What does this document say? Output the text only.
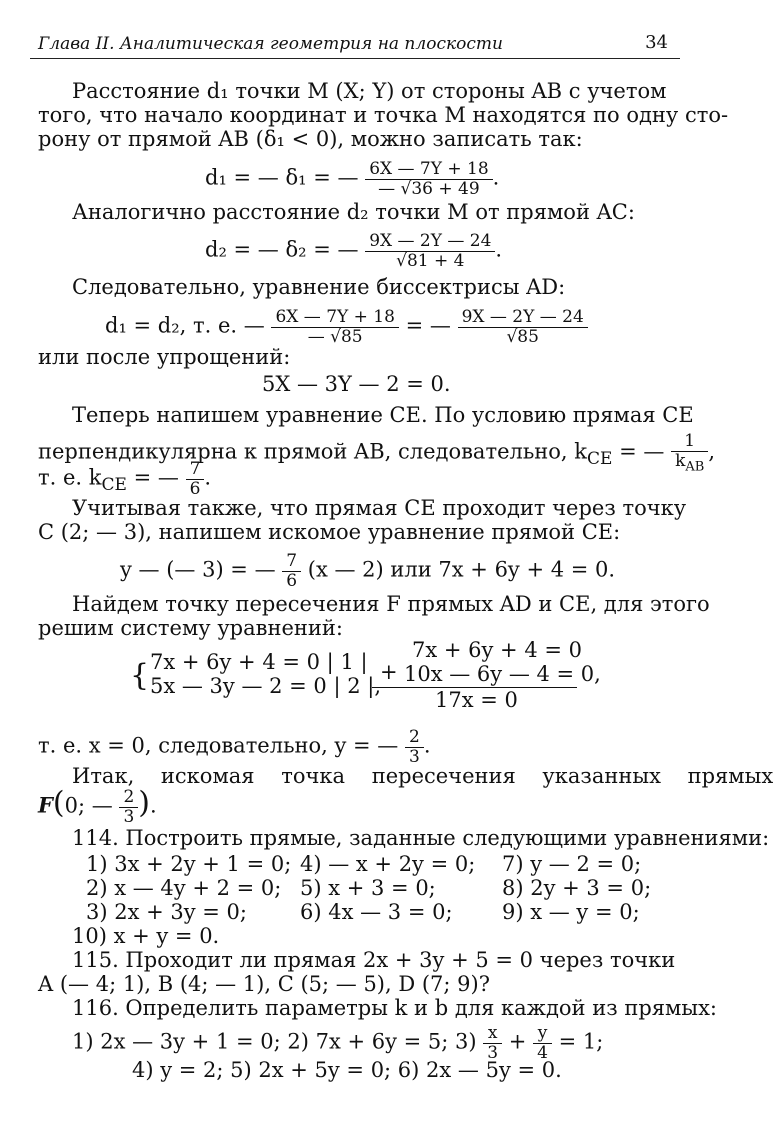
Глава II. Аналитическая геометрия на плоскости	34
Расстояние d₁ точки M (X; Y) от стороны AB с учетом
того, что начало координат и точка M находятся по одну сто-
рону от прямой AB (δ₁ < 0), можно записать так:
d₁ = — δ₁ = — $\frac{6X — 7Y + 18}{— √36 + 49}$ .
Аналогично расстояние d₂ точки M от прямой AC:
d₂ = — δ₂ = — $\frac{9X — 2Y — 24}{√81 + 4}$ .
Следовательно, уравнение биссектрисы AD:
d₁ = d₂, т. е. — $\frac{6X — 7Y + 18}{— √85}$ = — $\frac{9X — 2Y — 24}{√85}$
или после упрощений:
5X — 3Y — 2 = 0.
Теперь напишем уравнение CE. По условию прямая CE
перпендикулярна к прямой AB, следовательно, $k_{CE}$ = — $\frac{1}{k_{AB}}$ ,
т. е. $k_{CE}$ = — $\frac{7}{6}$ .
Учитывая также, что прямая CE проходит через точку
C (2; — 3), напишем искомое уравнение прямой CE:
y — (— 3) = — $\frac{7}{6} (x$ — 2) или 7x + 6y + 4 = 0.
Найдем точку пересечения F прямых AD и CE, для этого
решим систему уравнений:
{ 7x + 6y + 4 = 0 | 1 |
5x — 3y — 2 = 0 | 2 |,
+
7x + 6y + 4 = 0
10x — 6y — 4 = 0,
17x = 0
т. е. x = 0, следовательно, y = — $\frac{2}{3}$ .
Итак, искомая точка пересечения указанных прямых
F(0; — $\frac{2}{3}$ ).
114. Построить прямые, заданные следующими уравнениями:
1) 3x + 2y + 1 = 0; 4) — x + 2y = 0; 7) y — 2 = 0;
2) x — 4y + 2 = 0; 5) x + 3 = 0;	8) 2y + 3 = 0;
3) 2x + 3y = 0;	6) 4x — 3 = 0; 9) x — y = 0;
10) x + y = 0.
115. Проходит ли прямая 2x + 3y + 5 = 0 через точки
A (— 4; 1), B (4; — 1), C (5; — 5), D (7; 9)?
116. Определить параметры k и b для каждой из прямых:
1) 2x — 3y + 1 = 0; 2) 7x + 6y = 5; $3) \frac{x}{3} + \frac{y}{4} = 1$;
4) y = 2; 5) 2x + 5y = 0; 6) 2x — 5y = 0.
